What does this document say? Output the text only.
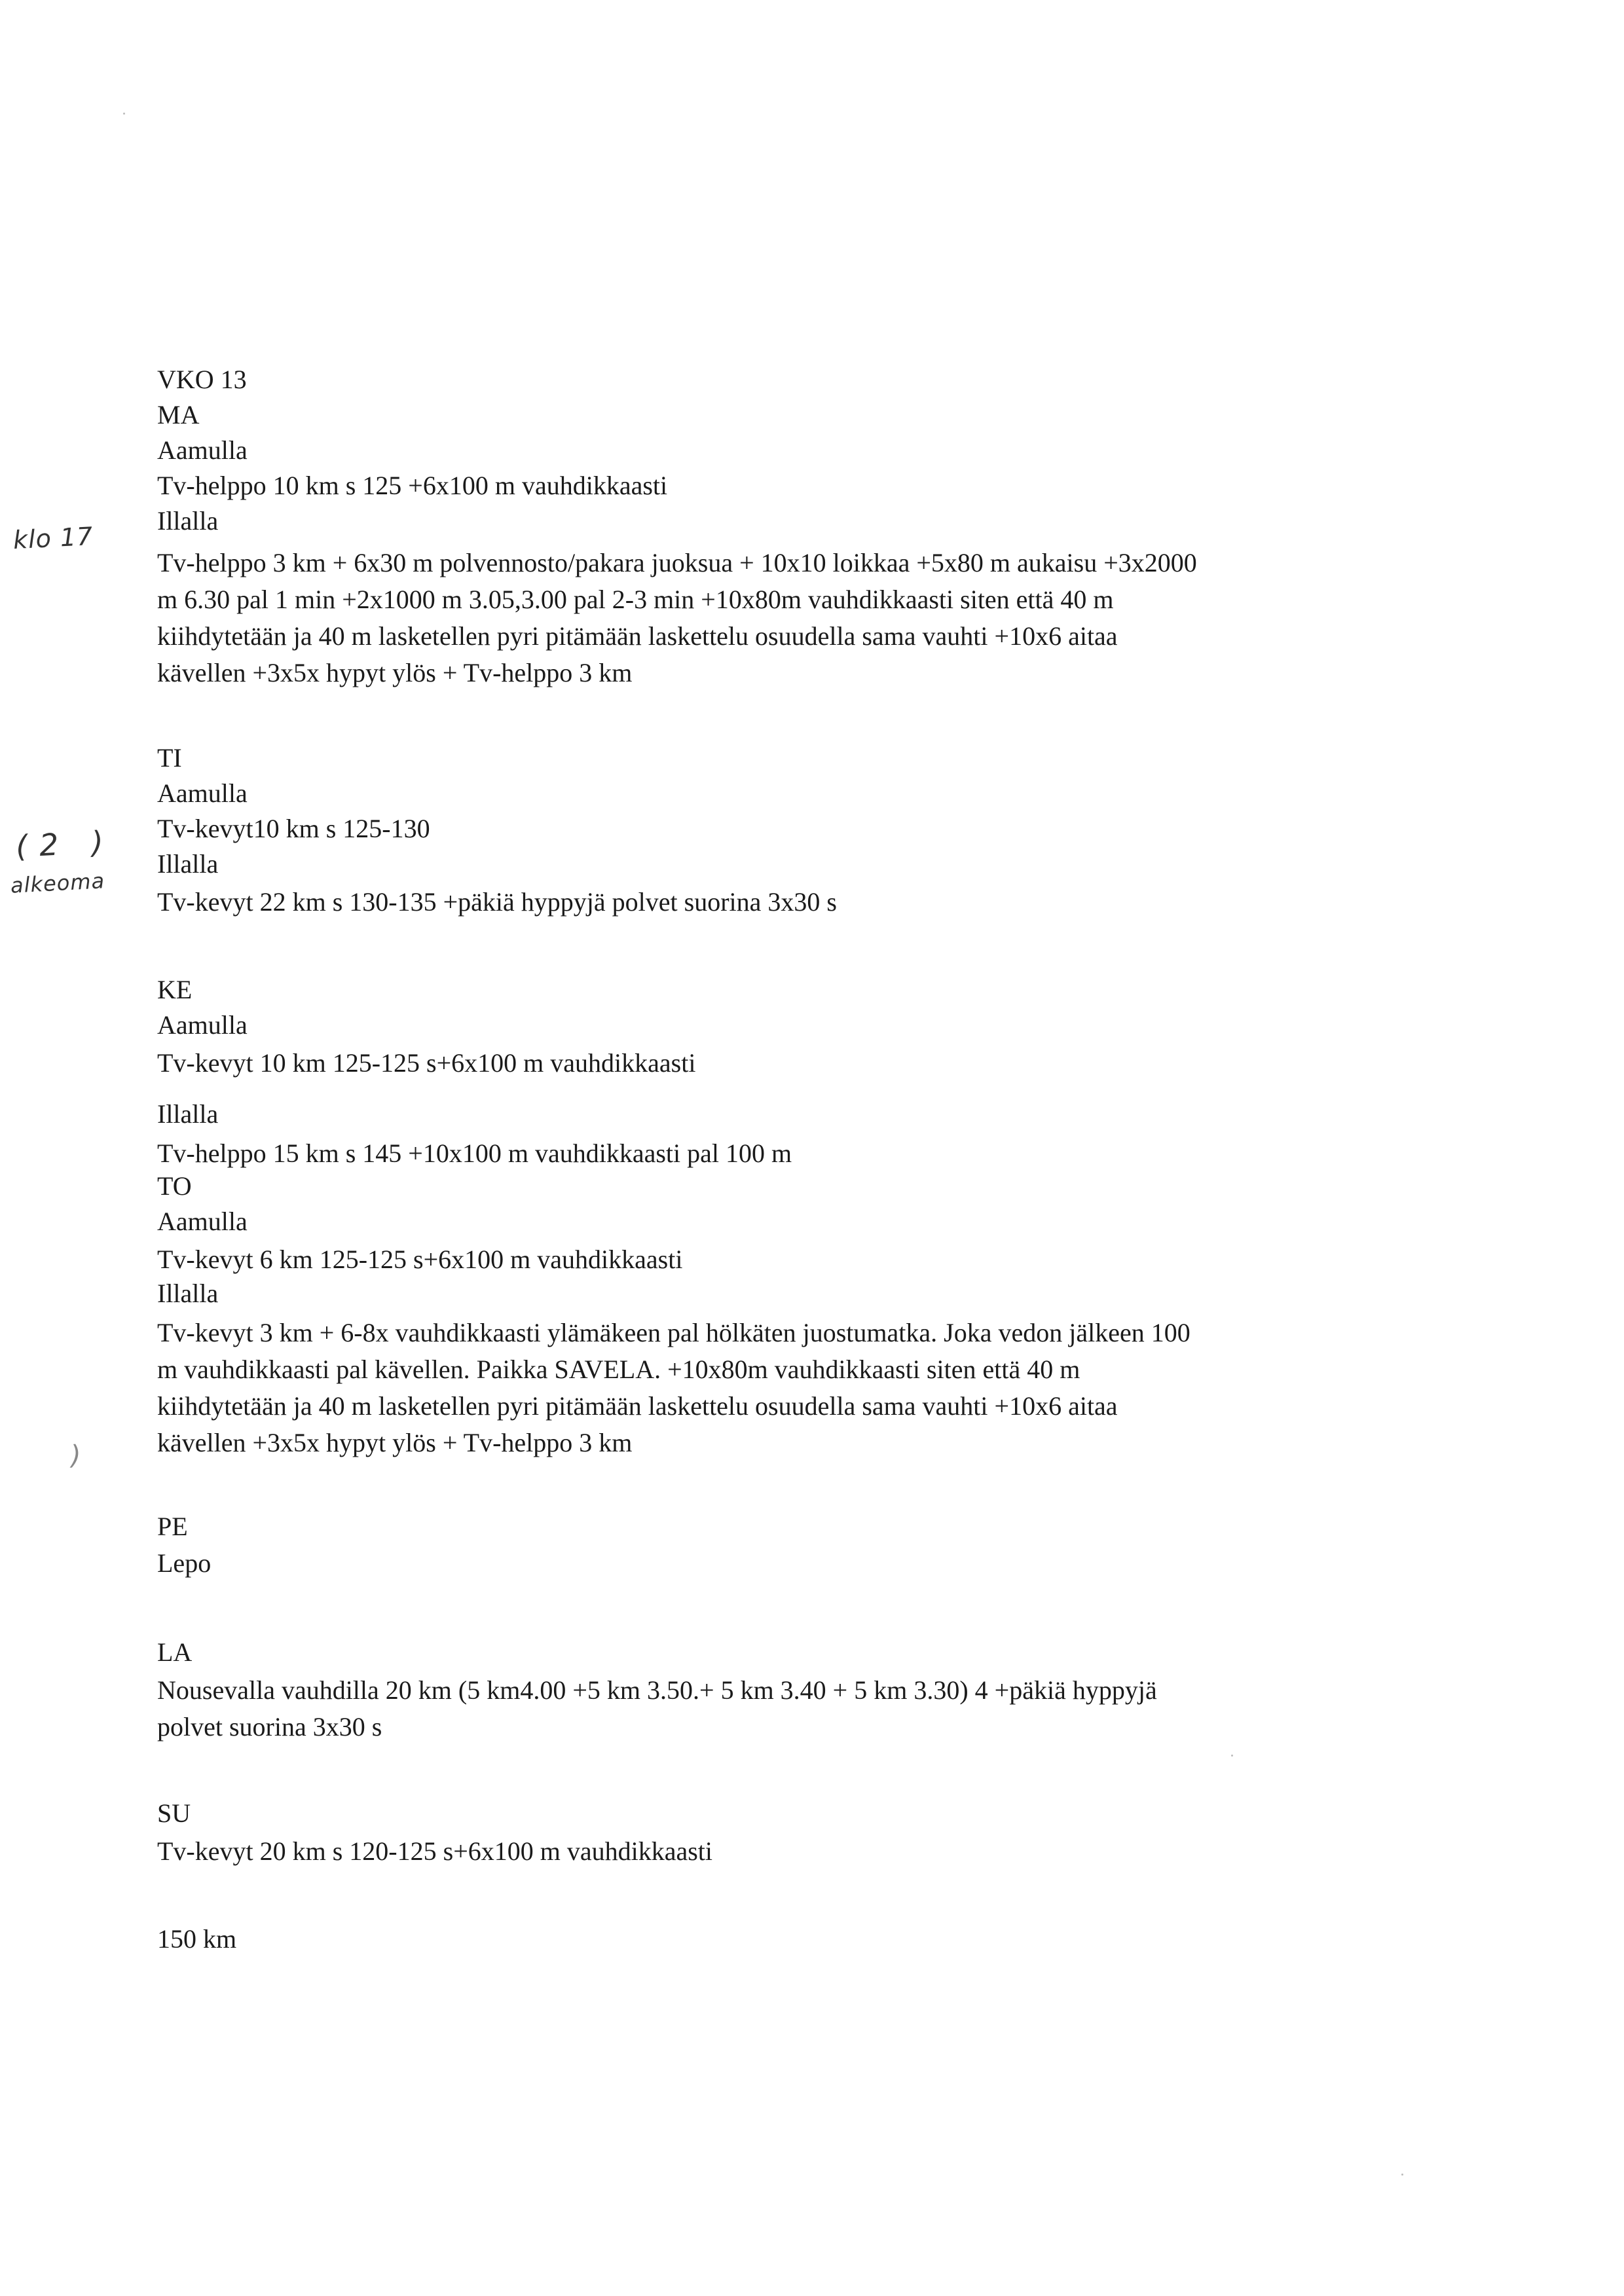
klo 17
(2 )
alkeoma
)
VKO 13
MA
Aamulla
Tv-helppo 10 km s 125 +6x100 m vauhdikkaasti
Illalla
Tv-helppo 3 km + 6x30 m polvennosto/pakara juoksua + 10x10 loikkaa +5x80 m aukaisu +3x2000
m 6.30 pal 1 min +2x1000 m 3.05,3.00 pal 2-3 min +10x80m vauhdikkaasti siten että 40 m
kiihdytetään ja 40 m lasketellen pyri pitämään laskettelu osuudella sama vauhti +10x6 aitaa
kävellen +3x5x hypyt ylös + Tv-helppo 3 km
TI
Aamulla
Tv-kevyt10 km s 125-130
Illalla
Tv-kevyt 22 km s 130-135 +päkiä hyppyjä polvet suorina 3x30 s
KE
Aamulla
Tv-kevyt 10 km 125-125 s+6x100 m vauhdikkaasti
Illalla
Tv-helppo 15 km s 145 +10x100 m vauhdikkaasti pal 100 m
TO
Aamulla
Tv-kevyt 6 km 125-125 s+6x100 m vauhdikkaasti
Illalla
Tv-kevyt 3 km + 6-8x vauhdikkaasti ylämäkeen pal hölkäten juostumatka. Joka vedon jälkeen 100
m vauhdikkaasti pal kävellen. Paikka SAVELA. +10x80m vauhdikkaasti siten että 40 m
kiihdytetään ja 40 m lasketellen pyri pitämään laskettelu osuudella sama vauhti +10x6 aitaa
kävellen +3x5x hypyt ylös + Tv-helppo 3 km
PE
Lepo
LA
Nousevalla vauhdilla 20 km (5 km4.00 +5 km 3.50.+ 5 km 3.40 + 5 km 3.30) 4 +päkiä hyppyjä
polvet suorina 3x30 s
SU
Tv-kevyt 20 km s 120-125 s+6x100 m vauhdikkaasti
150 km
